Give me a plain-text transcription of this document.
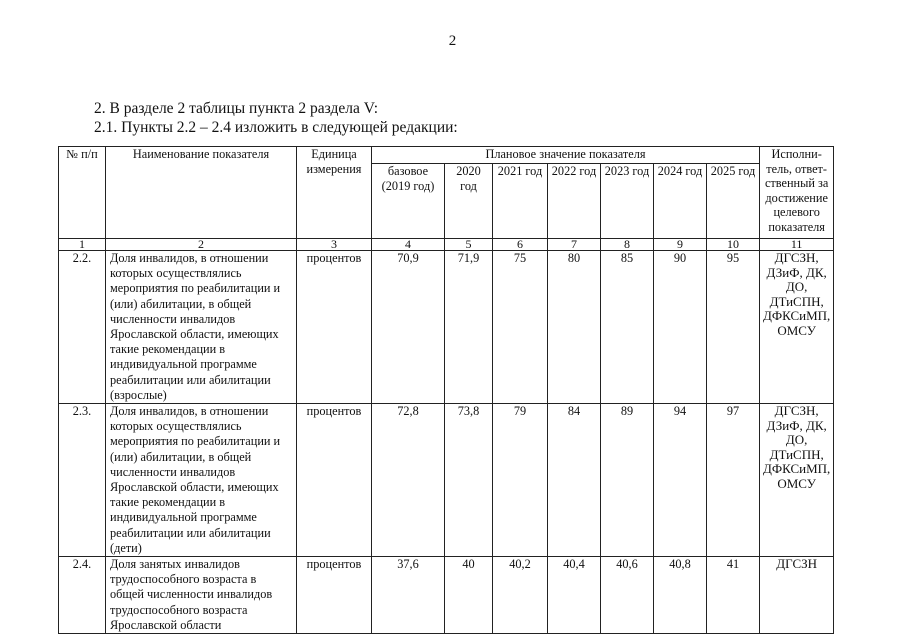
2
2. В разделе 2 таблицы пункта 2 раздела V:
2.1. Пункты 2.2 – 2.4 изложить в следующей редакции:
№ п/п	Наименование показателя	Единица измерения	Плановое значение показателя							Исполни-тель, ответ-ственный за достижение целевого показателя
			базовое (2019 год)	2020 год	2021 год	2022 год	2023 год	2024 год	2025 год	
1	2	3	4	5	6	7	8	9	10	11
2.2.	Доля инвалидов, в отношении которых осуществлялись мероприятия по реабилитации и (или) абилитации, в общей численности инвалидов Ярославской области, имеющих такие рекомендации в индивидуальной программе реабилитации или абилитации (взрослые)	процентов	70,9	71,9	75	80	85	90	95	ДГСЗН, ДЗиФ, ДК, ДО, ДТиСПН, ДФКСиМП, ОМСУ
2.3.	Доля инвалидов, в отношении которых осуществлялись мероприятия по реабилитации и (или) абилитации, в общей численности инвалидов Ярославской области, имеющих такие рекомендации в индивидуальной программе реабилитации или абилитации (дети)	процентов	72,8	73,8	79	84	89	94	97	ДГСЗН, ДЗиФ, ДК, ДО, ДТиСПН, ДФКСиМП, ОМСУ
2.4.	Доля занятых инвалидов трудоспособного возраста в общей численности инвалидов трудоспособного возраста Ярославской области	процентов	37,6	40	40,2	40,4	40,6	40,8	41	ДГСЗН
